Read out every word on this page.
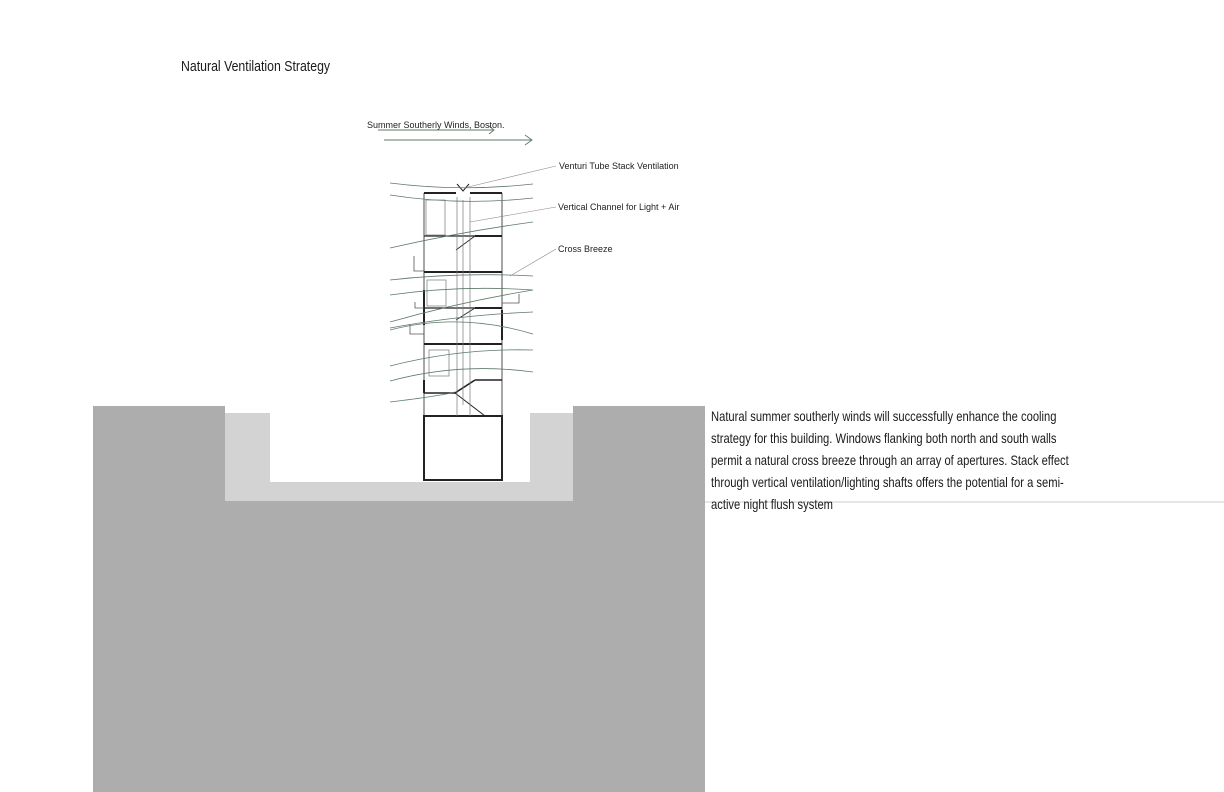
Natural Ventilation Strategy
Summer Southerly Winds, Boston.
Venturi Tube Stack Ventilation
Vertical Channel for Light + Air
Cross Breeze
Natural summer southerly winds will successfully enhance the cooling
strategy for this building. Windows flanking both north and south walls
permit a natural cross breeze through an array of apertures. Stack effect
through vertical ventilation/lighting shafts offers the potential for a semi-
active night flush system
